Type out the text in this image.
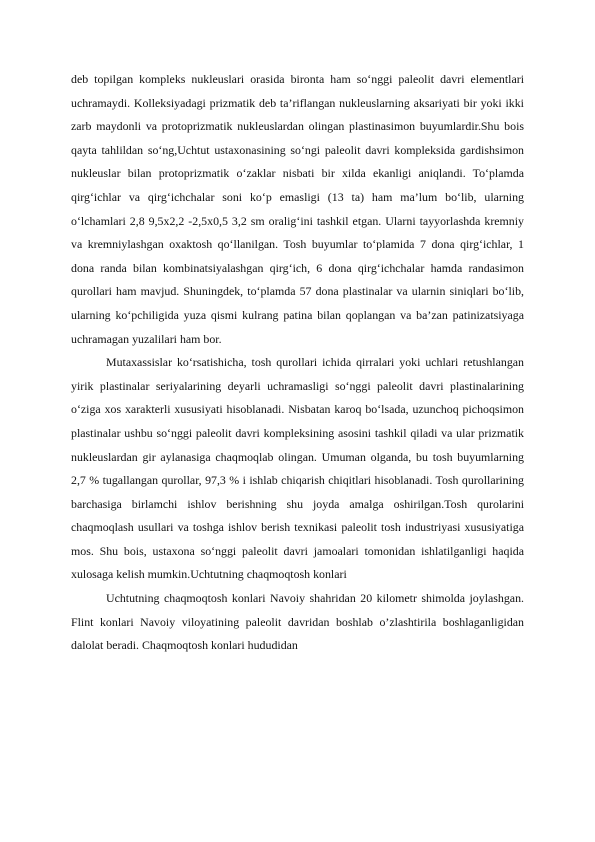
deb topilgan kompleks nukleuslari orasida bironta ham so‘nggi paleolit davri elementlari uchramaydi. Kolleksiyadagi prizmatik deb ta’riflangan nukleuslarning aksariyati bir yoki ikki zarb maydonli va protoprizmatik nukleuslardan olingan plastinasimon buyumlardir.Shu bois qayta tahlildan so‘ng,Uchtut ustaxonasining so‘ngi paleolit davri kompleksida gardishsimon nukleuslar bilan protoprizmatik o‘zaklar nisbati bir xilda ekanligi aniqlandi. To‘plamda qirg‘ichlar va qirg‘ichchalar soni ko‘p emasligi (13 ta) ham ma’lum bo‘lib, ularning o‘lchamlari 2,8 9,5x2,2 -2,5x0,5 3,2 sm oralig‘ini tashkil etgan. Ularni tayyorlashda kremniy va kremniylashgan oxaktosh qo‘llanilgan. Tosh buyumlar to‘plamida 7 dona qirg‘ichlar, 1 dona randa bilan kombinatsiyalashgan qirg‘ich, 6 dona qirg‘ichchalar hamda randasimon qurollari ham mavjud. Shuningdek, to‘plamda 57 dona plastinalar va ularnin siniqlari bo‘lib, ularning ko‘pchiligida yuza qismi kulrang patina bilan qoplangan va ba’zan patinizatsiyaga uchramagan yuzalilari ham bor.

Mutaxassislar ko‘rsatishicha, tosh qurollari ichida qirralari yoki uchlari retushlangan yirik plastinalar seriyalarining deyarli uchramasligi so‘nggi paleolit davri plastinalarining o‘ziga xos xarakterli xususiyati hisoblanadi. Nisbatan karoq bo‘lsada, uzunchoq pichoqsimon plastinalar ushbu so‘nggi paleolit davri kompleksining asosini tashkil qiladi va ular prizmatik nukleuslardan gir aylanasiga chaqmoqlab olingan. Umuman olganda, bu tosh buyumlarning 2,7 % tugallangan qurollar, 97,3 % i ishlab chiqarish chiqitlari hisoblanadi. Tosh qurollarining barchasiga birlamchi ishlov berishning shu joyda amalga oshirilgan.Tosh qurolarini chaqmoqlash usullari va toshga ishlov berish texnikasi paleolit tosh industriyasi xususiyatiga mos. Shu bois, ustaxona so‘nggi paleolit davri jamoalari tomonidan ishlatilganligi haqida xulosaga kelish mumkin.Uchtutning chaqmoqtosh konlari

Uchtutning chaqmoqtosh konlari Navoiy shahridan 20 kilometr shimolda joylashgan. Flint konlari Navoiy viloyatining paleolit davridan boshlab o’zlashtirila boshlaganligidan dalolat beradi. Chaqmoqtosh konlari hududidan
